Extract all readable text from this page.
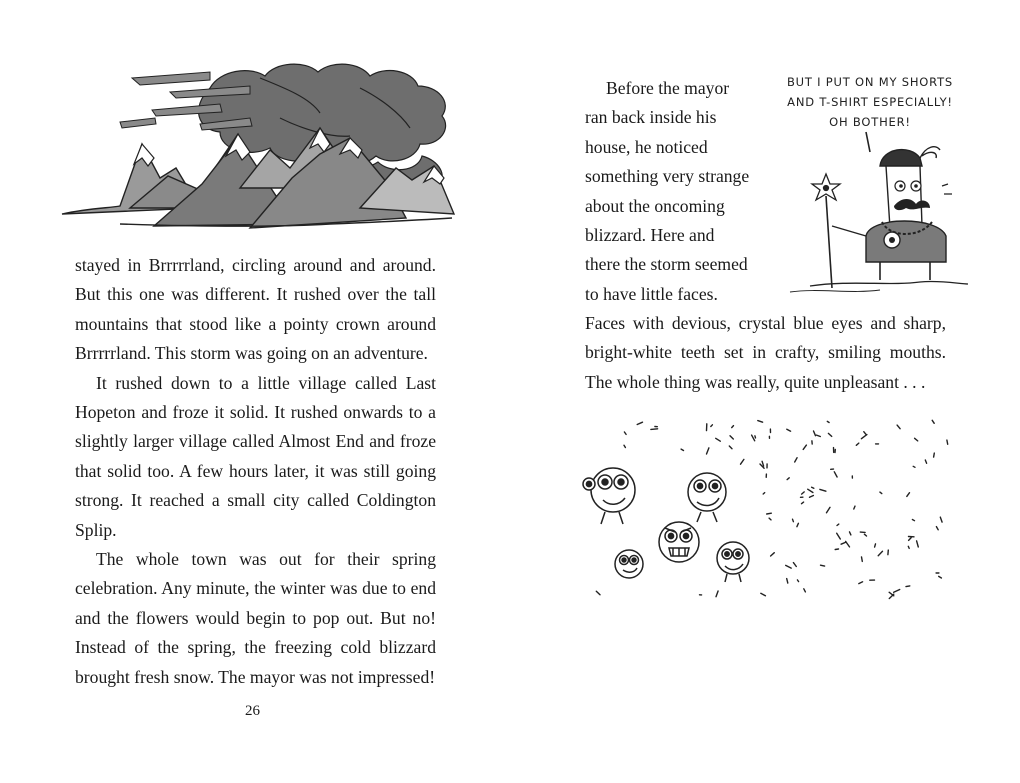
stayed in Brrrrrland, circling around and around. But this one was different. It rushed over the tall mountains that stood like a pointy crown around Brrrrrland. This storm was going on an adventure.

It rushed down to a little village called Last Hopeton and froze it solid. It rushed onwards to a slightly larger village called Almost End and froze that solid too. A few hours later, it was still going strong. It reached a small city called Coldington Splip.

The whole town was out for their spring celebration. Any minute, the winter was due to end and the flowers would begin to pop out. But no! Instead of the spring, the freezing cold blizzard brought fresh snow. The mayor was not impressed!

26

Before the mayor

ran back inside his

house, he noticed

something very strange

about the oncoming

blizzard. Here and

there the storm seemed

to have little faces.

BUT I PUT ON MY SHORTS
AND T-SHIRT ESPECIALLY!
OH BOTHER!

Faces with devious, crystal blue eyes and sharp, bright-white teeth set in crafty, smiling mouths. The whole thing was really, quite unpleasant . . .
